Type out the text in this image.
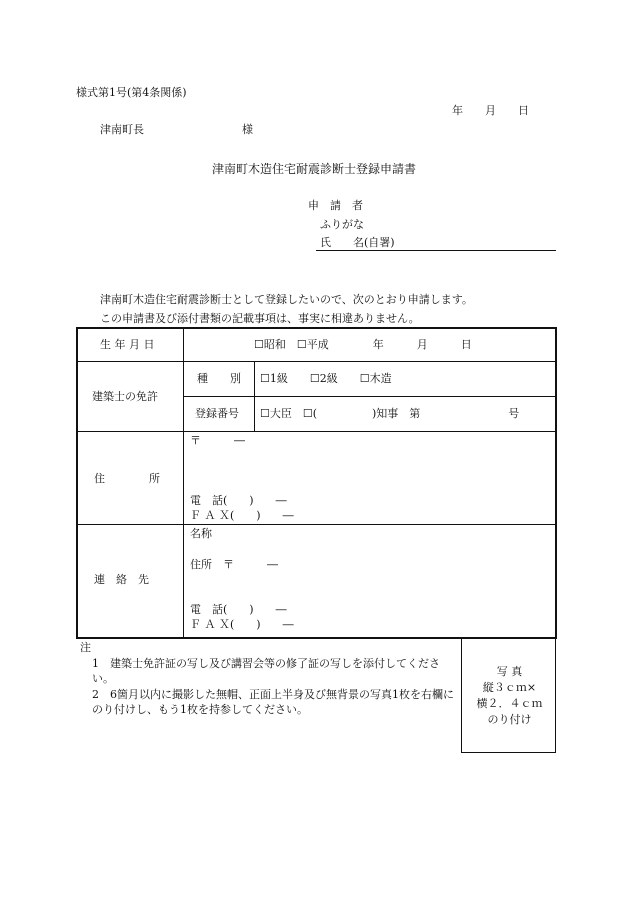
様式第1号(第4条関係)
年　　月　　日
津南町長	様
津南町木造住宅耐震診断士登録申請書
申　請　者
ふりがな
氏　　名(自署)
津南町木造住宅耐震診断士として登録したいので、次のとおり申請します。
この申請書及び添付書類の記載事項は、事実に相違ありません。
生 年 月 日	☐昭和　☐平成　　　　年　　　月　　　日
建築士の免許
種　　別 ☐1級　　☐2級　　☐木造
登録番号 ☐大臣　☐(　　　　　)知事　第　　　　　　　　号
住　　　　所
〒　　　―
電　話(　　)　　―
Ｆ Ａ Ｘ(　　)　　―
連　絡　先
名称
住所　〒　　　―
電　話(　　)　　―
Ｆ Ａ Ｘ(　　)　　―
注
1　建築士免許証の写し及び講習会等の修了証の写しを添付してください。
2　6箇月以内に撮影した無帽、正面上半身及び無背景の写真1枚を右欄にのり付けし、もう1枚を持参してください。
写 真
縦３ｃｍ×
横２．４ｃｍ
のり付け
